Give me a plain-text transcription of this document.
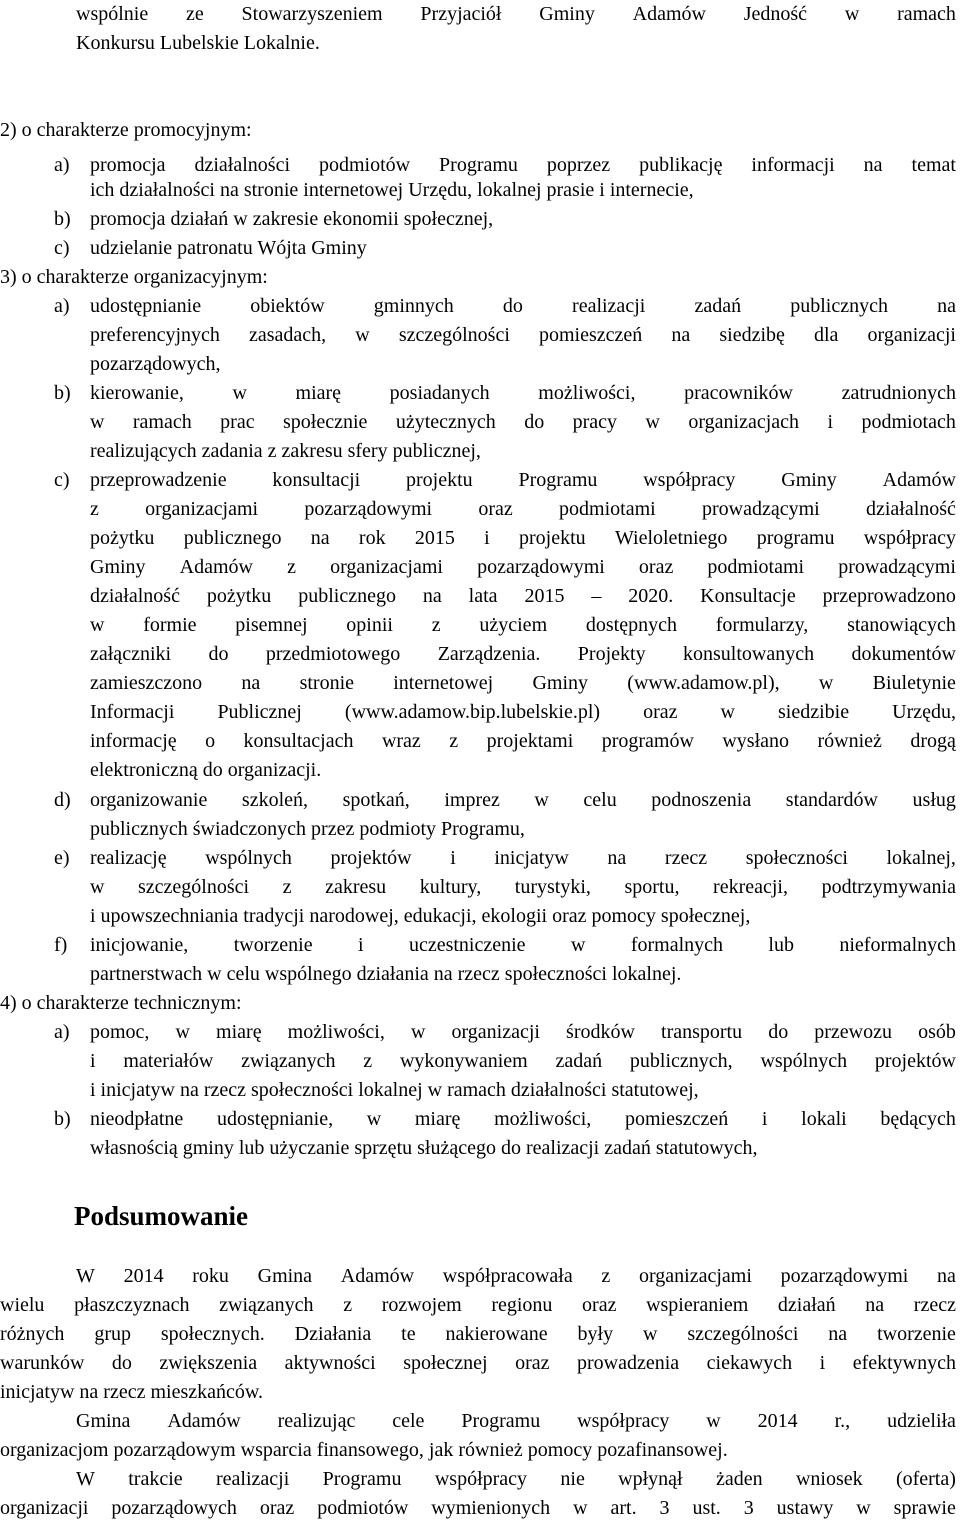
a)
b)
c)
a)
b)
c)
d)
e)
f)
a)
b)
wspólnie ze Stowarzyszeniem Przyjaciół Gminy Adamów Jedność w ramach
Konkursu Lubelskie Lokalnie.
2) o charakterze promocyjnym:
promocja działalności podmiotów Programu poprzez publikację informacji na temat
ich działalności na stronie internetowej Urzędu, lokalnej prasie i internecie,
promocja działań w zakresie ekonomii społecznej,
udzielanie patronatu Wójta Gminy
3) o charakterze organizacyjnym:
udostępnianie obiektów gminnych do realizacji zadań publicznych na
preferencyjnych zasadach, w szczególności pomieszczeń na siedzibę dla organizacji
pozarządowych,
kierowanie, w miarę posiadanych możliwości, pracowników zatrudnionych
w ramach prac społecznie użytecznych do pracy w organizacjach i podmiotach
realizujących zadania z zakresu sfery publicznej,
przeprowadzenie konsultacji projektu Programu współpracy Gminy Adamów
z organizacjami pozarządowymi oraz podmiotami prowadzącymi działalność
pożytku publicznego na rok 2015 i projektu Wieloletniego programu współpracy
Gminy Adamów z organizacjami pozarządowymi oraz podmiotami prowadzącymi
działalność pożytku publicznego na lata 2015 – 2020. Konsultacje przeprowadzono
w formie pisemnej opinii z użyciem dostępnych formularzy, stanowiących
załączniki do przedmiotowego Zarządzenia. Projekty konsultowanych dokumentów
zamieszczono na stronie internetowej Gminy (www.adamow.pl), w Biuletynie
Informacji Publicznej (www.adamow.bip.lubelskie.pl) oraz w siedzibie Urzędu,
informację o konsultacjach wraz z projektami programów wysłano również drogą
elektroniczną do organizacji.
organizowanie szkoleń, spotkań, imprez w celu podnoszenia standardów usług
publicznych świadczonych przez podmioty Programu,
realizację wspólnych projektów i inicjatyw na rzecz społeczności lokalnej,
w szczególności z zakresu kultury, turystyki, sportu, rekreacji, podtrzymywania
i upowszechniania tradycji narodowej, edukacji, ekologii oraz pomocy społecznej,
inicjowanie, tworzenie i uczestniczenie w formalnych lub nieformalnych
partnerstwach w celu wspólnego działania na rzecz społeczności lokalnej.
4) o charakterze technicznym:
pomoc, w miarę możliwości, w organizacji środków transportu do przewozu osób
i materiałów związanych z wykonywaniem zadań publicznych, wspólnych projektów
i inicjatyw na rzecz społeczności lokalnej w ramach działalności statutowej,
nieodpłatne udostępnianie, w miarę możliwości, pomieszczeń i lokali będących
własnością gminy lub użyczanie sprzętu służącego do realizacji zadań statutowych,
Podsumowanie
W 2014 roku Gmina Adamów współpracowała z organizacjami pozarządowymi na
wielu płaszczyznach związanych z rozwojem regionu oraz wspieraniem działań na rzecz
różnych grup społecznych. Działania te nakierowane były w szczególności na tworzenie
warunków do zwiększenia aktywności społecznej oraz prowadzenia ciekawych i efektywnych
inicjatyw na rzecz mieszkańców.
Gmina Adamów realizując cele Programu współpracy w 2014 r., udzieliła
organizacjom pozarządowym wsparcia finansowego, jak również pomocy pozafinansowej.
W trakcie realizacji Programu współpracy nie wpłynął żaden wniosek (oferta)
organizacji pozarządowych oraz podmiotów wymienionych w art. 3 ust. 3 ustawy w sprawie
